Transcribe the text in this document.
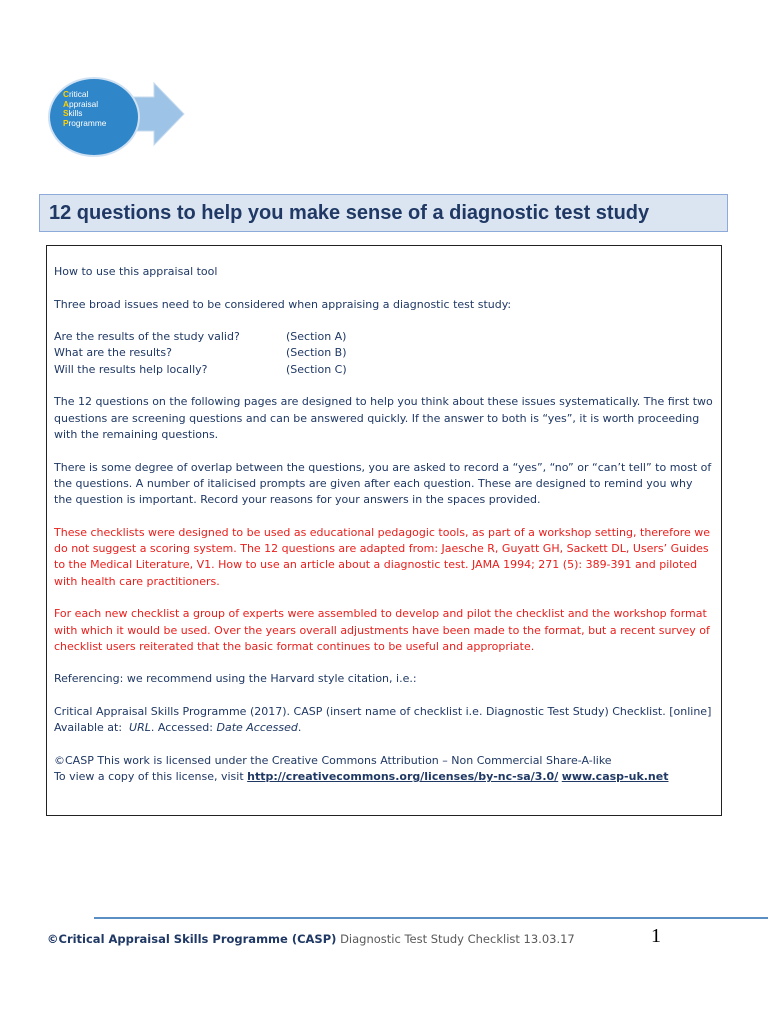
Critical
Appraisal
Skills
Programme
12 questions to help you make sense of a diagnostic test study

How to use this appraisal tool

Three broad issues need to be considered when appraising a diagnostic test study:

Are the results of the study valid?	(Section A)
What are the results?	(Section B)
Will the results help locally?	(Section C)

The 12 questions on the following pages are designed to help you think about these issues systematically. The first two questions are screening questions and can be answered quickly. If the answer to both is “yes”, it is worth proceeding with the remaining questions.

There is some degree of overlap between the questions, you are asked to record a “yes”, “no” or “can’t tell” to most of the questions. A number of italicised prompts are given after each question. These are designed to remind you why the question is important. Record your reasons for your answers in the spaces provided.

These checklists were designed to be used as educational pedagogic tools, as part of a workshop setting, therefore we do not suggest a scoring system. The 12 questions are adapted from: Jaesche R, Guyatt GH, Sackett DL, Users’ Guides to the Medical Literature, V1. How to use an article about a diagnostic test. JAMA 1994; 271 (5): 389-391 and piloted with health care practitioners.

For each new checklist a group of experts were assembled to develop and pilot the checklist and the workshop format with which it would be used. Over the years overall adjustments have been made to the format, but a recent survey of checklist users reiterated that the basic format continues to be useful and appropriate.

Referencing: we recommend using the Harvard style citation, i.e.:

Critical Appraisal Skills Programme (2017). CASP (insert name of checklist i.e. Diagnostic Test Study) Checklist. [online] Available at: URL. Accessed: Date Accessed.

©CASP This work is licensed under the Creative Commons Attribution – Non Commercial Share-A-like
To view a copy of this license, visit http://creativecommons.org/licenses/by-nc-sa/3.0/ www.casp-uk.net

©Critical Appraisal Skills Programme (CASP) Diagnostic Test Study Checklist 13.03.17	1
